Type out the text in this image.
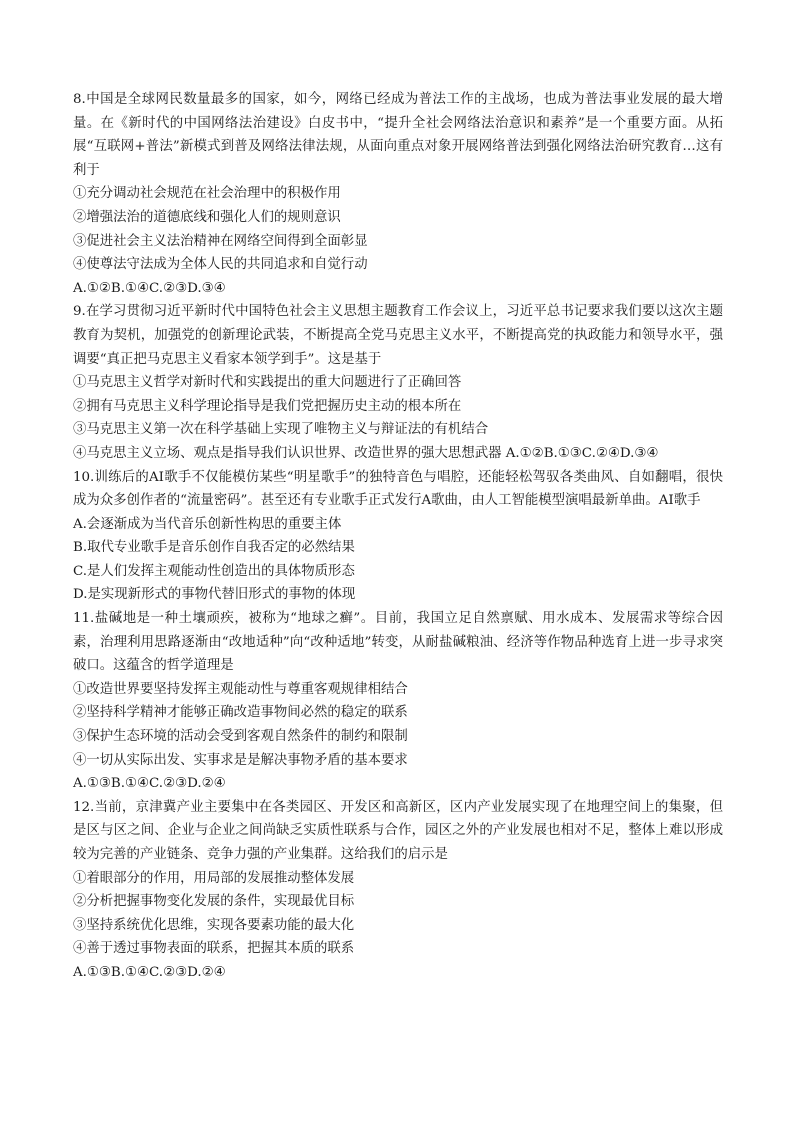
8.中国是全球网民数量最多的国家，如今，网络已经成为普法工作的主战场，也成为普法事业发展的最大增量。在《新时代的中国网络法治建设》白皮书中，“提升全社会网络法治意识和素养”是一个重要方面。从拓展“互联网+普法”新模式到普及网络法律法规，从面向重点对象开展网络普法到强化网络法治研究教育…这有利于

①充分调动社会规范在社会治理中的积极作用

②增强法治的道德底线和强化人们的规则意识

③促进社会主义法治精神在网络空间得到全面彰显

④使尊法守法成为全体人民的共同追求和自觉行动

A.①②B.①④C.②③D.③④

9.在学习贯彻习近平新时代中国特色社会主义思想主题教育工作会议上，习近平总书记要求我们要以这次主题教育为契机，加强党的创新理论武装，不断提高全党马克思主义水平，不断提高党的执政能力和领导水平，强调要“真正把马克思主义看家本领学到手”。这是基于

①马克思主义哲学对新时代和实践提出的重大问题进行了正确回答

②拥有马克思主义科学理论指导是我们党把握历史主动的根本所在

③马克思主义第一次在科学基础上实现了唯物主义与辩证法的有机结合

④马克思主义立场、观点是指导我们认识世界、改造世界的强大思想武器 A.①②B.①③C.②④D.③④

10.训练后的AI歌手不仅能模仿某些“明星歌手”的独特音色与唱腔，还能轻松驾驭各类曲风、自如翻唱，很快成为众多创作者的“流量密码”。甚至还有专业歌手正式发行A歌曲，由人工智能模型演唱最新单曲。AI歌手

A.会逐渐成为当代音乐创新性构思的重要主体

B.取代专业歌手是音乐创作自我否定的必然结果

C.是人们发挥主观能动性创造出的具体物质形态

D.是实现新形式的事物代替旧形式的事物的体现

11.盐碱地是一种土壤顽疾，被称为“地球之癣”。目前，我国立足自然禀赋、用水成本、发展需求等综合因素，治理利用思路逐渐由“改地适种”向“改种适地”转变，从耐盐碱粮油、经济等作物品种选育上进一步寻求突破口。这蕴含的哲学道理是

①改造世界要坚持发挥主观能动性与尊重客观规律相结合

②坚持科学精神才能够正确改造事物间必然的稳定的联系

③保护生态环境的活动会受到客观自然条件的制约和限制

④一切从实际出发、实事求是是解决事物矛盾的基本要求

A.①③B.①④C.②③D.②④

12.当前，京津冀产业主要集中在各类园区、开发区和高新区，区内产业发展实现了在地理空间上的集聚，但是区与区之间、企业与企业之间尚缺乏实质性联系与合作，园区之外的产业发展也相对不足，整体上难以形成较为完善的产业链条、竞争力强的产业集群。这给我们的启示是

①着眼部分的作用，用局部的发展推动整体发展

②分析把握事物变化发展的条件，实现最优目标

③坚持系统优化思维，实现各要素功能的最大化

④善于透过事物表面的联系，把握其本质的联系

A.①③B.①④C.②③D.②④
